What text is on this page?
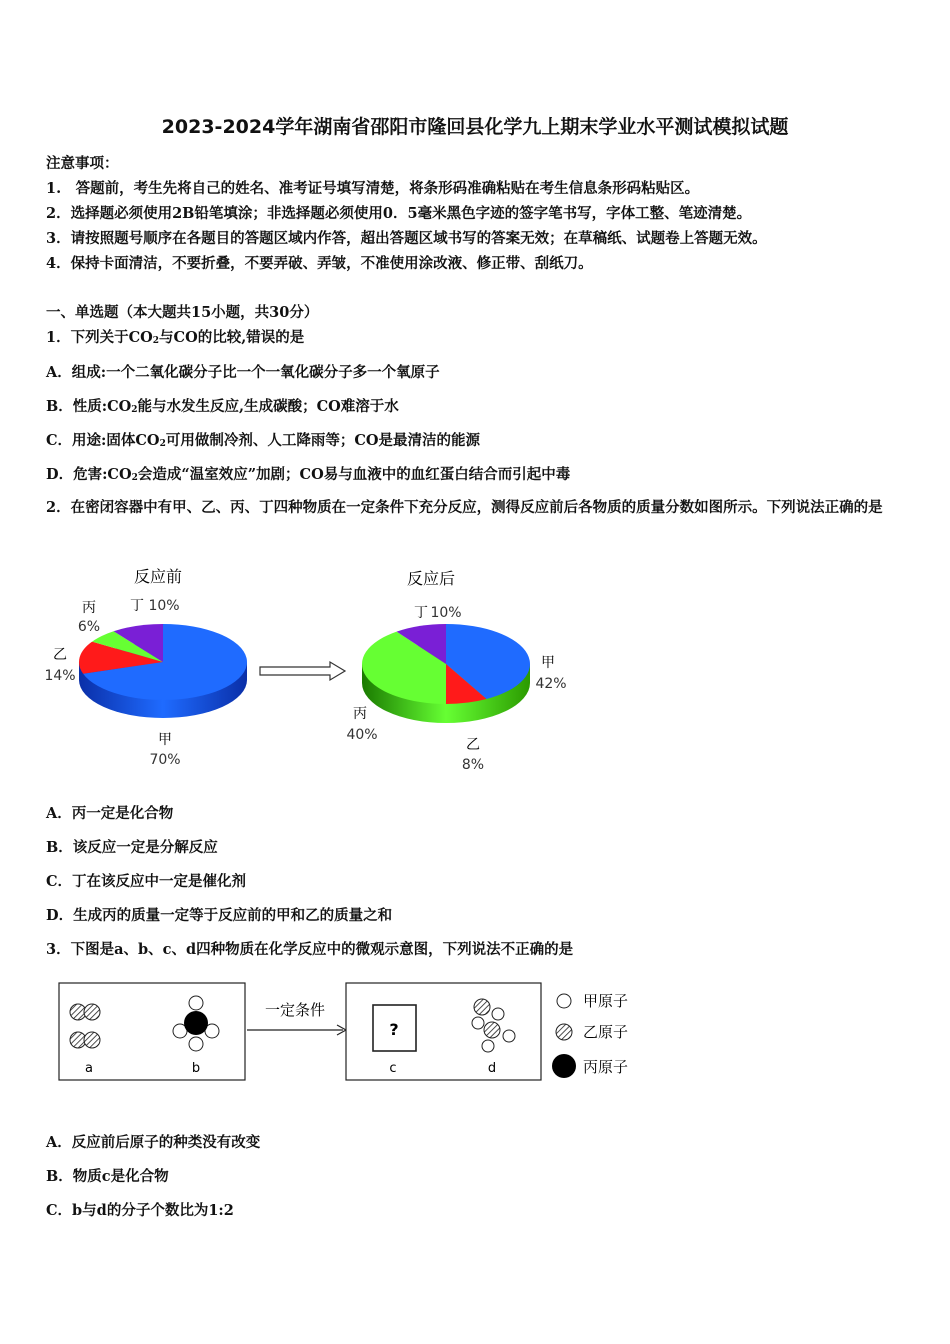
2023-2024学年湖南省邵阳市隆回县化学九上期末学业水平测试模拟试题
注意事项：
1.　答题前，考生先将自己的姓名、准考证号填写清楚，将条形码准确粘贴在考生信息条形码粘贴区。
2．选择题必须使用2B铅笔填涂；非选择题必须使用0．5毫米黑色字迹的签字笔书写，字体工整、笔迹清楚。
3．请按照题号顺序在各题目的答题区域内作答，超出答题区域书写的答案无效；在草稿纸、试题卷上答题无效。
4．保持卡面清洁，不要折叠，不要弄破、弄皱，不准使用涂改液、修正带、刮纸刀。
一、单选题（本大题共15小题，共30分）
1．下列关于$CO_2$与CO的比较,错误的是
A．组成:一个二氧化碳分子比一个一氧化碳分子多一个氧原子
B．性质$:CO_2$能与水发生反应,生成碳酸；CO难溶于水
C．用途:固体$CO_2$可用做制冷剂、人工降雨等；CO是最清洁的能源
D．危害$:CO_2$会造成“温室效应”加剧；CO易与血液中的血红蛋白结合而引起中毒
2．在密闭容器中有甲、乙、丙、丁四种物质在一定条件下充分反应，测得反应前后各物质的质量分数如图所示。下列说法正确的是
反应前
甲
70%
乙
14%
丙
6%
丁 10%
反应后
甲
42%
乙
8%
丙
40%
丁 10%
A．丙一定是化合物
B．该反应一定是分解反应
C．丁在该反应中一定是催化剂
D．生成丙的质量一定等于反应前的甲和乙的质量之和
3．下图是a、b、c、d四种物质在化学反应中的微观示意图，下列说法不正确的是
a	b
一定条件
?
c	d
甲原子
乙原子
丙原子
A．反应前后原子的种类没有改变
B．物质c是化合物
C．b与d的分子个数比为1:2
